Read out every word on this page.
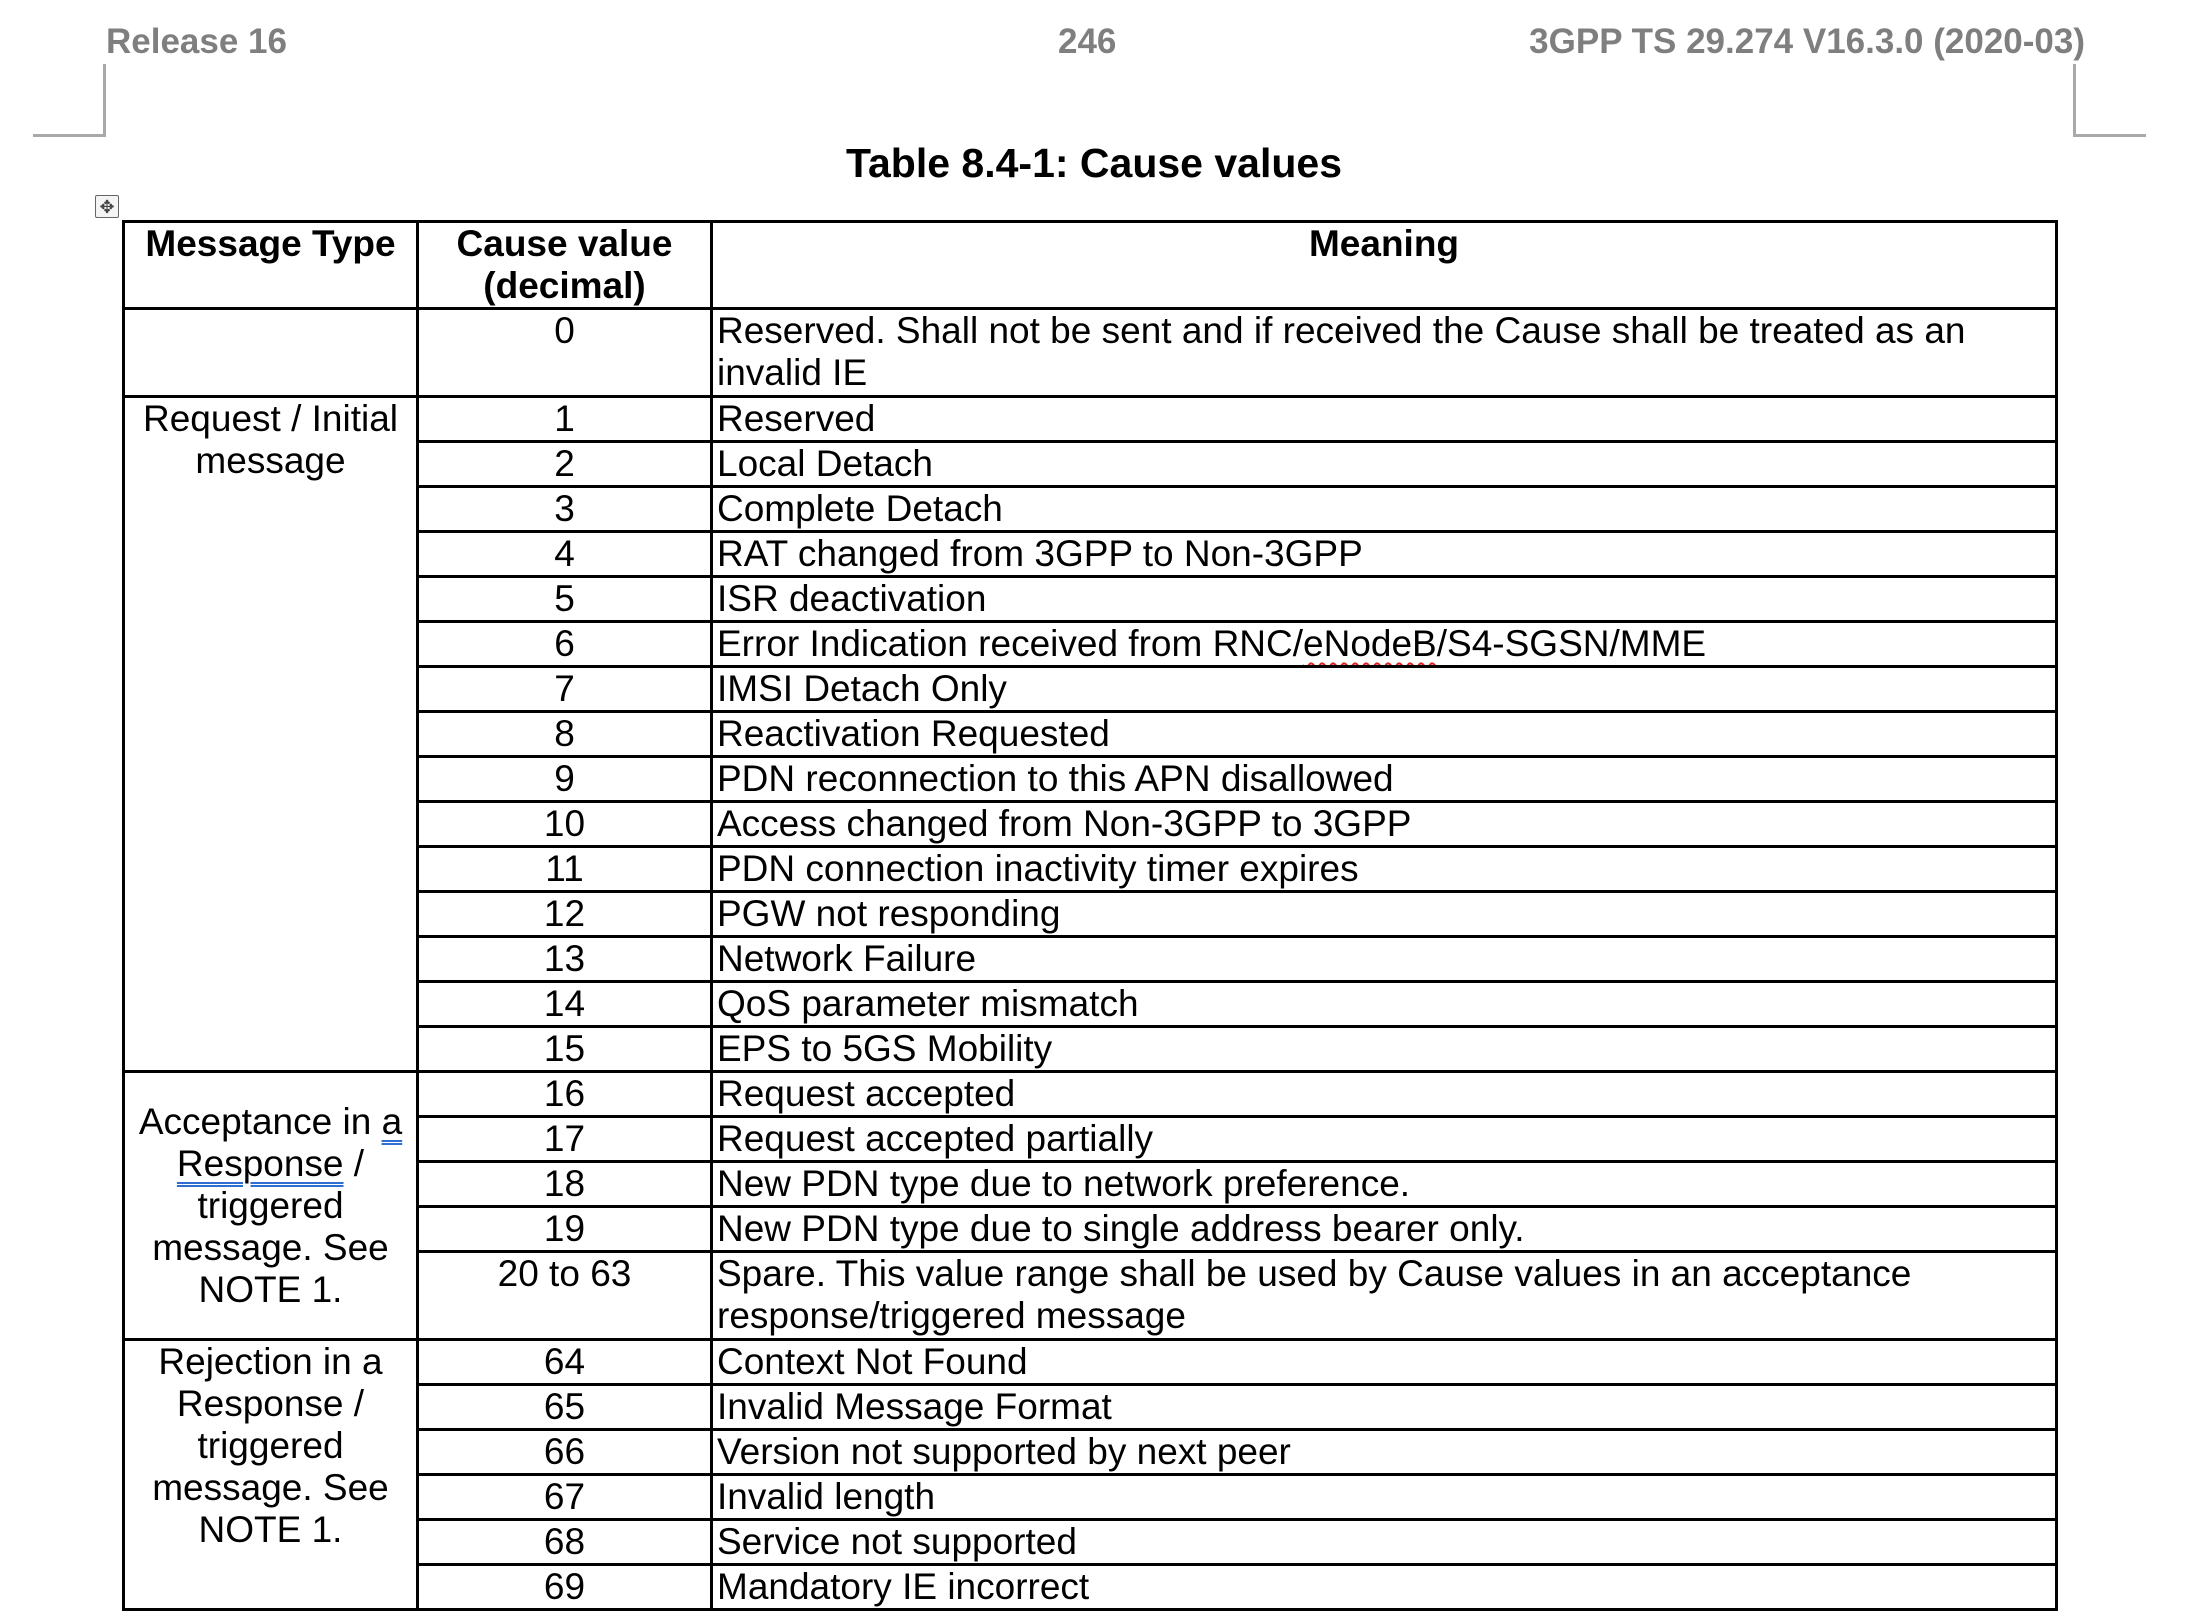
Release 16	246	3GPP TS 29.274 V16.3.0 (2020-03)
Table 8.4-1: Cause values
✥
Message Type	Cause value (decimal)	Meaning
	0	Reserved. Shall not be sent and if received the Cause shall be treated as an invalid IE
Request / Initial message	1	Reserved
	2	Local Detach
	3	Complete Detach
	4	RAT changed from 3GPP to Non-3GPP
	5	ISR deactivation
	6	Error Indication received from RNC/eNodeB/S4-SGSN/MME
	7	IMSI Detach Only
	8	Reactivation Requested
	9	PDN reconnection to this APN disallowed
	10	Access changed from Non-3GPP to 3GPP
	11	PDN connection inactivity timer expires
	12	PGW not responding
	13	Network Failure
	14	QoS parameter mismatch
	15	EPS to 5GS Mobility
Acceptance in a Response / triggered message. See NOTE 1.	16	Request accepted
	17	Request accepted partially
	18	New PDN type due to network preference.
	19	New PDN type due to single address bearer only.
	20 to 63	Spare. This value range shall be used by Cause values in an acceptance response/triggered message
Rejection in a Response / triggered message. See NOTE 1.	64	Context Not Found
	65	Invalid Message Format
	66	Version not supported by next peer
	67	Invalid length
	68	Service not supported
	69	Mandatory IE incorrect
